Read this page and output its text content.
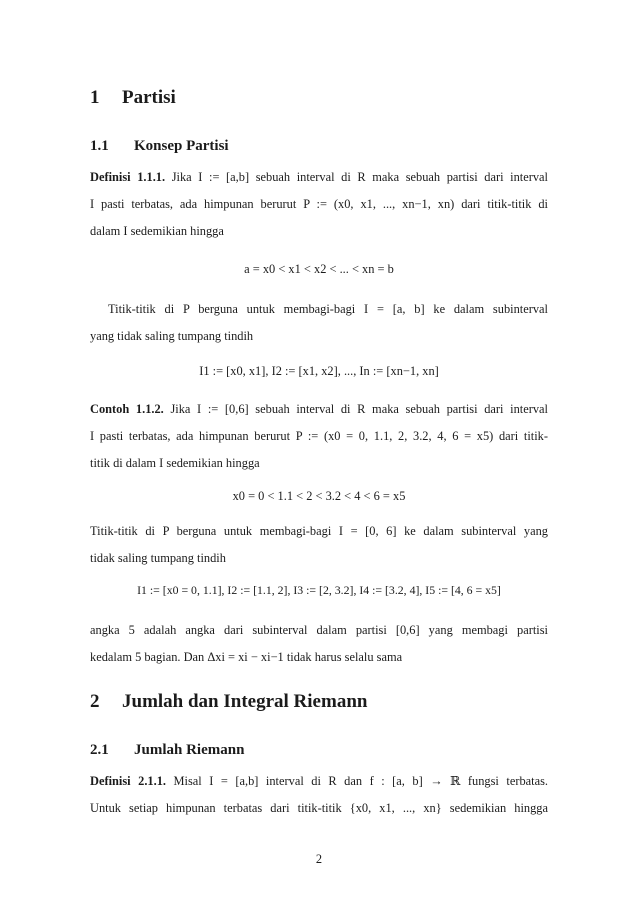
1 Partisi
1.1 Konsep Partisi
Definisi 1.1.1. Jika I := [a,b] sebuah interval di R maka sebuah partisi dari interval
I pasti terbatas, ada himpunan berurut P := (x0, x1, ..., xn−1, xn) dari titik-titik di
dalam I sedemikian hingga
a = x0 < x1 < x2 < ... < xn = b
Titik-titik di P berguna untuk membagi-bagi I = [a, b] ke dalam subinterval
yang tidak saling tumpang tindih
I1 := [x0, x1], I2 := [x1, x2], ..., In := [xn−1, xn]
Contoh 1.1.2. Jika I := [0,6] sebuah interval di R maka sebuah partisi dari interval
I pasti terbatas, ada himpunan berurut P := (x0 = 0, 1.1, 2, 3.2, 4, 6 = x5) dari titik-
titik di dalam I sedemikian hingga
x0 = 0 < 1.1 < 2 < 3.2 < 4 < 6 = x5
Titik-titik di P berguna untuk membagi-bagi I = [0, 6] ke dalam subinterval yang
tidak saling tumpang tindih
I1 := [x0 = 0, 1.1], I2 := [1.1, 2], I3 := [2, 3.2], I4 := [3.2, 4], I5 := [4, 6 = x5]
angka 5 adalah angka dari subinterval dalam partisi [0,6] yang membagi partisi
kedalam 5 bagian. Dan Δxi = xi − xi−1 tidak harus selalu sama
2 Jumlah dan Integral Riemann
2.1 Jumlah Riemann
Definisi 2.1.1. Misal I = [a,b] interval di R dan f : [a, b] → ℝ fungsi terbatas.
Untuk setiap himpunan terbatas dari titik-titik {x0, x1, ..., xn} sedemikian hingga
2
